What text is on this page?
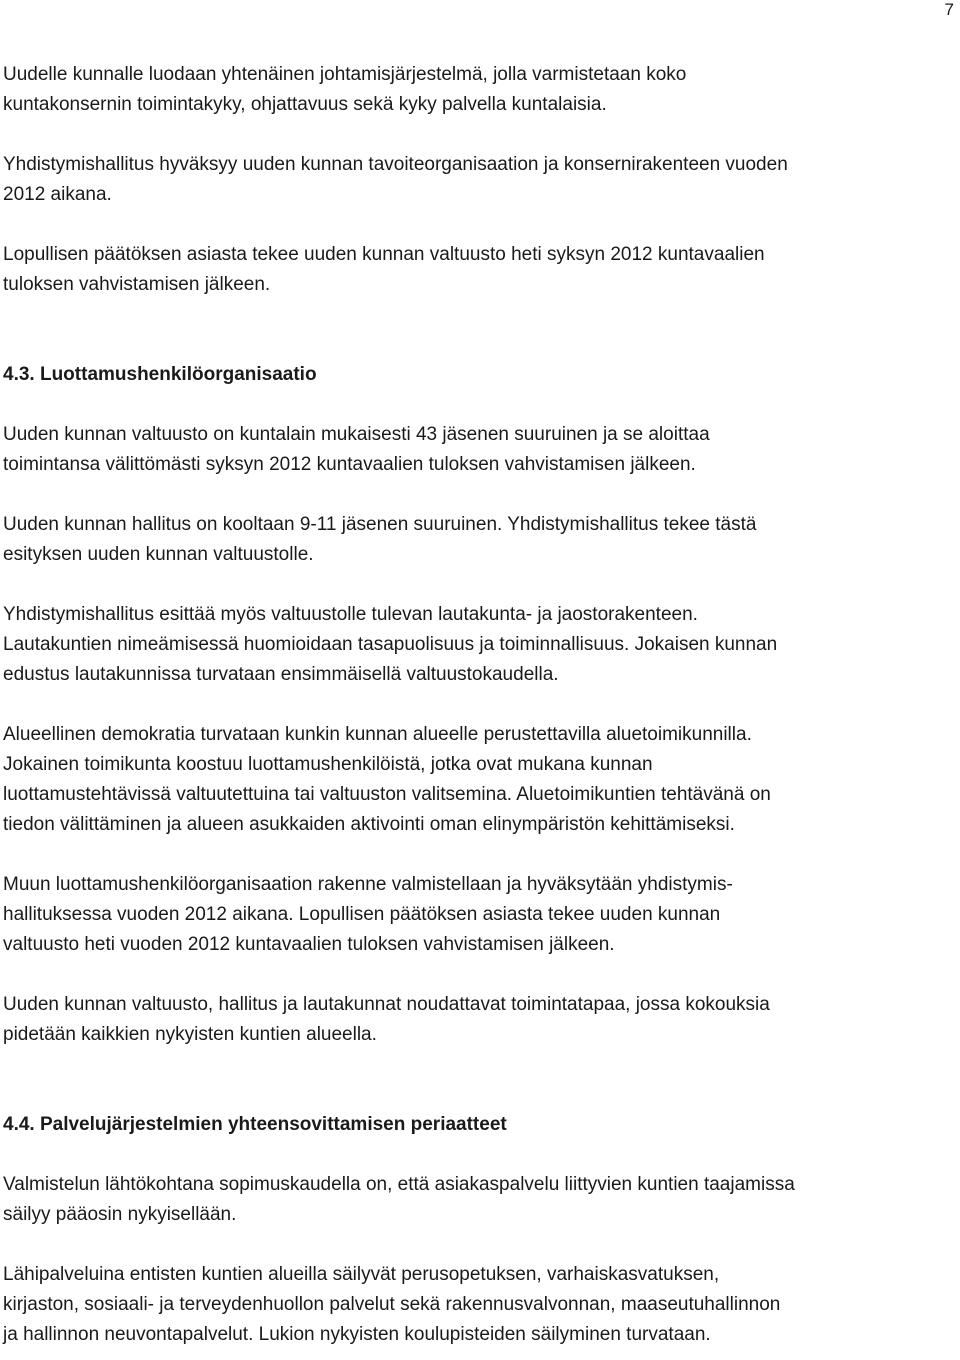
7

Uudelle kunnalle luodaan yhtenäinen johtamisjärjestelmä, jolla varmistetaan koko
kuntakonsernin toimintakyky, ohjattavuus sekä kyky palvella kuntalaisia.

Yhdistymishallitus hyväksyy uuden kunnan tavoiteorganisaation ja konsernirakenteen vuoden
2012 aikana.

Lopullisen päätöksen asiasta tekee uuden kunnan valtuusto heti syksyn 2012 kuntavaalien
tuloksen vahvistamisen jälkeen.

4.3. Luottamushenkilöorganisaatio

Uuden kunnan valtuusto on kuntalain mukaisesti 43 jäsenen suuruinen ja se aloittaa
toimintansa välittömästi syksyn 2012 kuntavaalien tuloksen vahvistamisen jälkeen.

Uuden kunnan hallitus on kooltaan 9-11 jäsenen suuruinen. Yhdistymishallitus tekee tästä
esityksen uuden kunnan valtuustolle.

Yhdistymishallitus esittää myös valtuustolle tulevan lautakunta- ja jaostorakenteen.
Lautakuntien nimeämisessä huomioidaan tasapuolisuus ja toiminnallisuus. Jokaisen kunnan
edustus lautakunnissa turvataan ensimmäisellä valtuustokaudella.

Alueellinen demokratia turvataan kunkin kunnan alueelle perustettavilla aluetoimikunnilla.
Jokainen toimikunta koostuu luottamushenkilöistä, jotka ovat mukana kunnan
luottamustehtävissä valtuutettuina tai valtuuston valitsemina. Aluetoimikuntien tehtävänä on
tiedon välittäminen ja alueen asukkaiden aktivointi oman elinympäristön kehittämiseksi.

Muun luottamushenkilöorganisaation rakenne valmistellaan ja hyväksytään yhdistymis-
hallituksessa vuoden 2012 aikana. Lopullisen päätöksen asiasta tekee uuden kunnan
valtuusto heti vuoden 2012 kuntavaalien tuloksen vahvistamisen jälkeen.

Uuden kunnan valtuusto, hallitus ja lautakunnat noudattavat toimintatapaa, jossa kokouksia
pidetään kaikkien nykyisten kuntien alueella.

4.4. Palvelujärjestelmien yhteensovittamisen periaatteet

Valmistelun lähtökohtana sopimuskaudella on, että asiakaspalvelu liittyvien kuntien taajamissa
säilyy pääosin nykyisellään.

Lähipalveluina entisten kuntien alueilla säilyvät perusopetuksen, varhaiskasvatuksen,
kirjaston, sosiaali- ja terveydenhuollon palvelut sekä rakennusvalvonnan, maaseutuhallinnon
ja hallinnon neuvontapalvelut. Lukion nykyisten koulupisteiden säilyminen turvataan.
